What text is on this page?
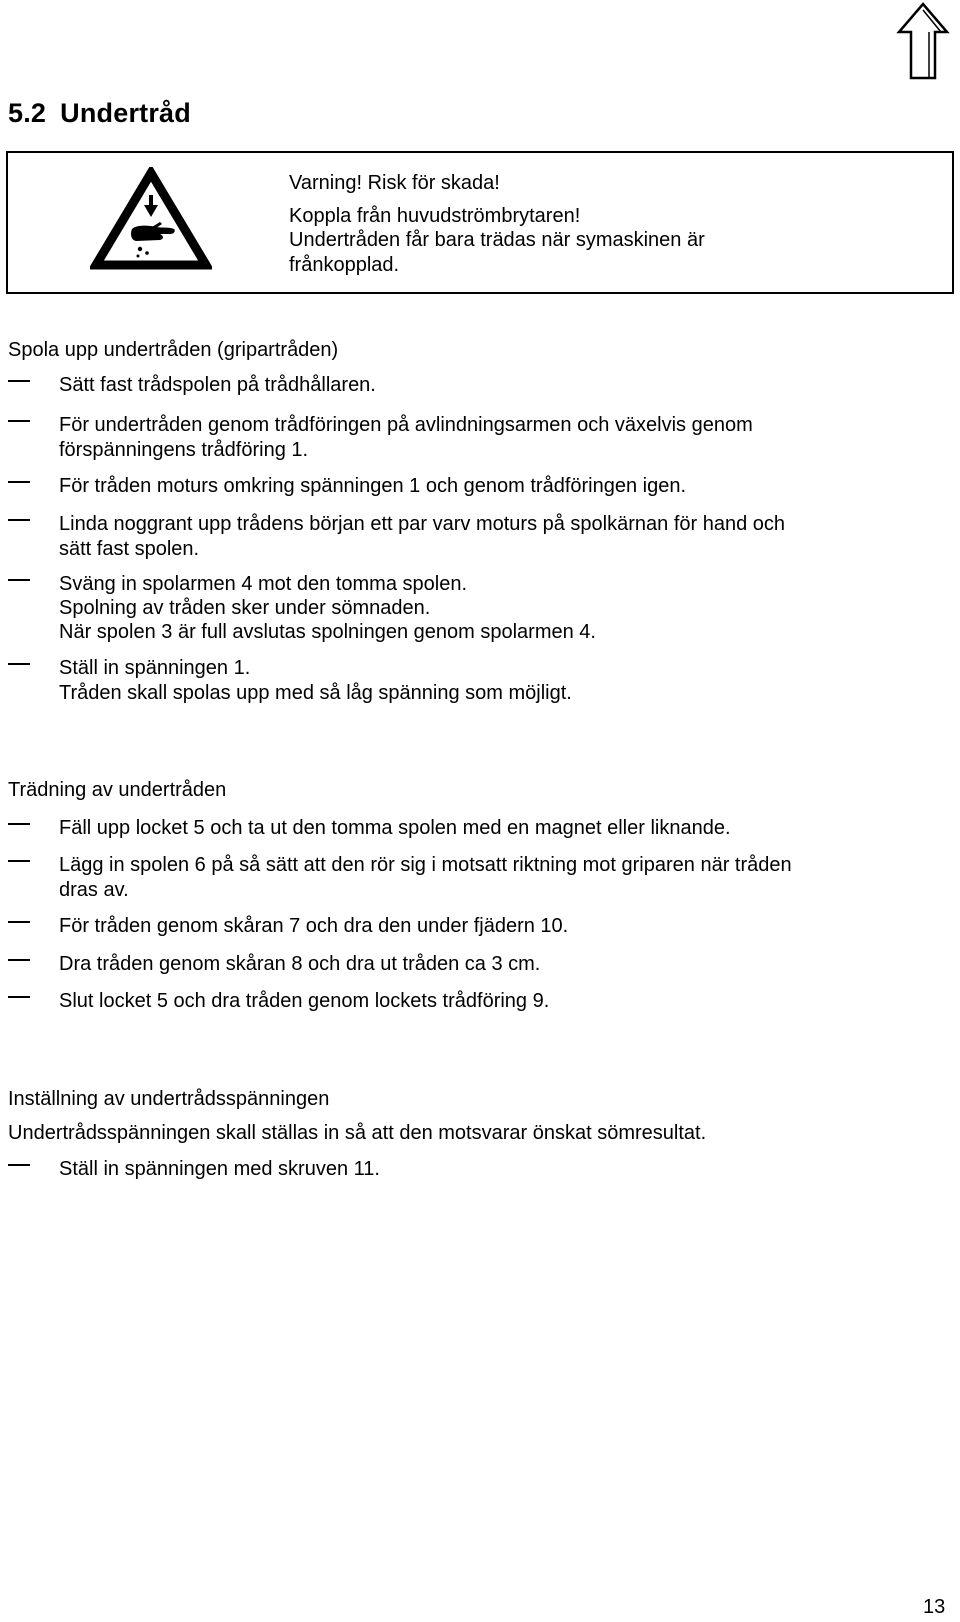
5.2 Undertråd
Varning! Risk för skada!
Koppla från huvudströmbrytaren!
Undertråden får bara trädas när symaskinen är
frånkopplad.
Spola upp undertråden (gripartråden)
Sätt fast trådspolen på trådhållaren.
För undertråden genom trådföringen på avlindningsarmen och växelvis genom
förspänningens trådföring 1.
För tråden moturs omkring spänningen 1 och genom trådföringen igen.
Linda noggrant upp trådens början ett par varv moturs på spolkärnan för hand och
sätt fast spolen.
Sväng in spolarmen 4 mot den tomma spolen.
Spolning av tråden sker under sömnaden.
När spolen 3 är full avslutas spolningen genom spolarmen 4.
Ställ in spänningen 1.
Tråden skall spolas upp med så låg spänning som möjligt.
Trädning av undertråden
Fäll upp locket 5 och ta ut den tomma spolen med en magnet eller liknande.
Lägg in spolen 6 på så sätt att den rör sig i motsatt riktning mot griparen när tråden
dras av.
För tråden genom skåran 7 och dra den under fjädern 10.
Dra tråden genom skåran 8 och dra ut tråden ca 3 cm.
Slut locket 5 och dra tråden genom lockets trådföring 9.
Inställning av undertrådsspänningen
Undertrådsspänningen skall ställas in så att den motsvarar önskat sömresultat.
Ställ in spänningen med skruven 11.
13
